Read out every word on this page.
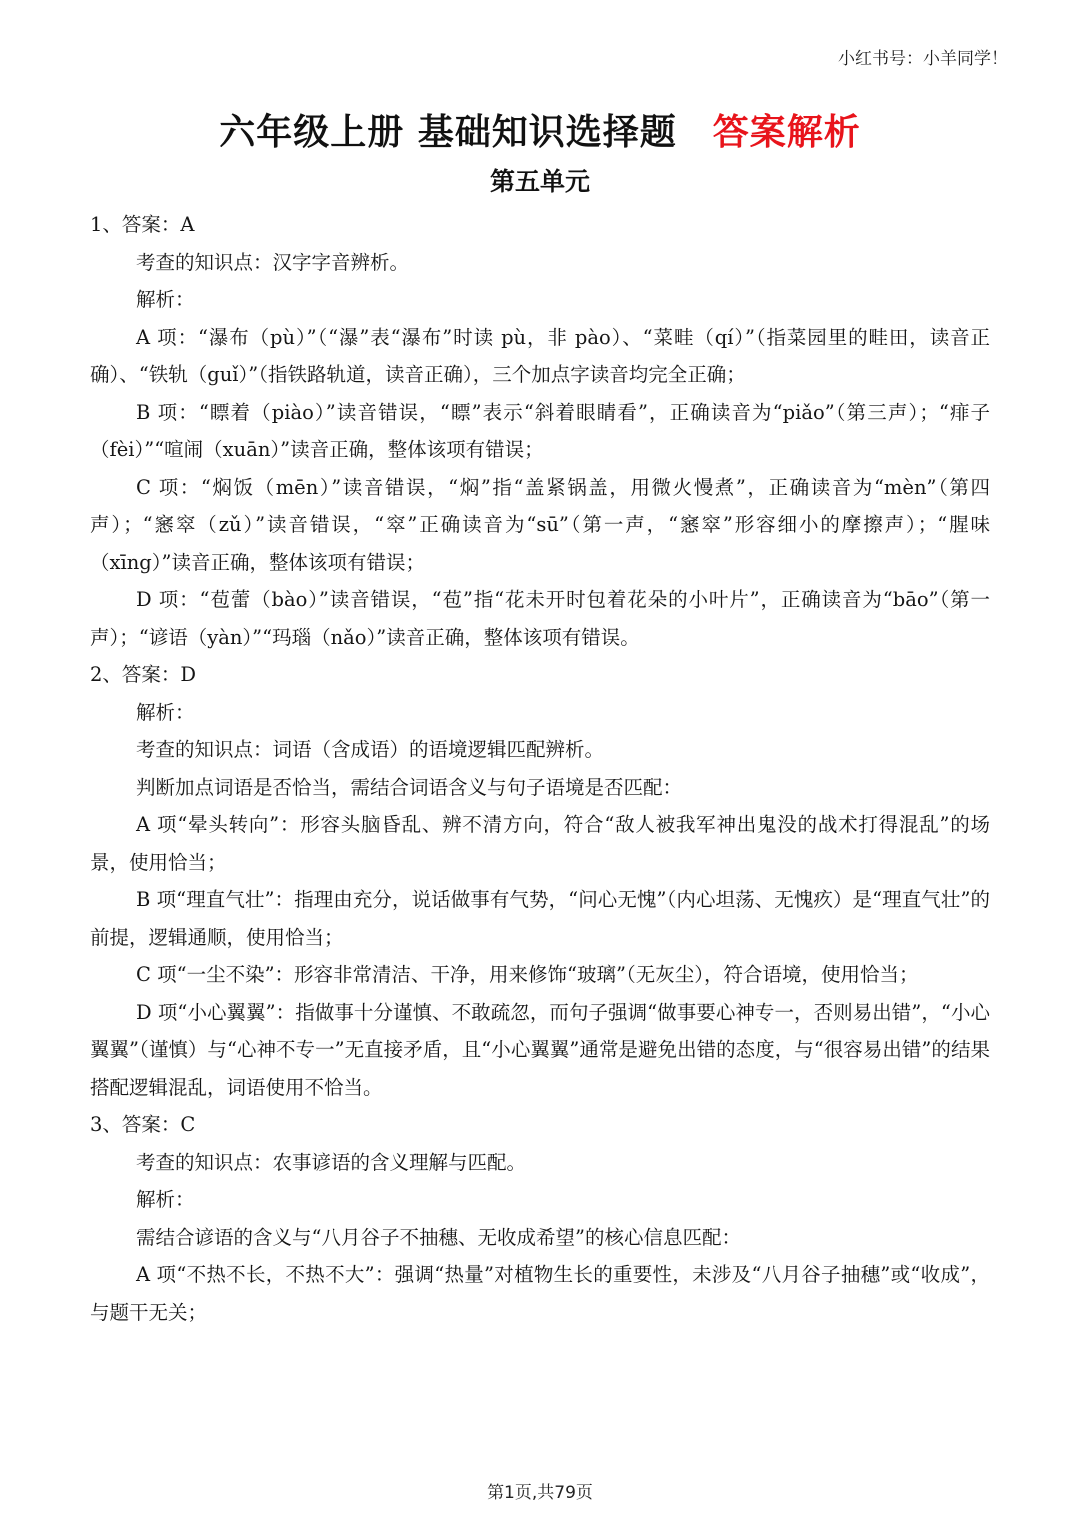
小红书号：小羊同学！
六年级上册 基础知识选择题 答案解析
第五单元

1、答案：A

考查的知识点：汉字字音辨析。

解析：

A 项：“瀑布（pù）”（“瀑”表“瀑布”时读 pù，非 pào）、“菜畦（qí）”（指菜园里的畦田，读音正确）、“铁轨（guǐ）”（指铁路轨道，读音正确），三个加点字读音均完全正确；

B 项：“瞟着（piào）”读音错误，“瞟”表示“斜着眼睛看”，正确读音为“piǎo”（第三声）；“痱子（fèi）”“喧闹（xuān）”读音正确，整体该项有错误；

C 项：“焖饭（mēn）”读音错误，“焖”指“盖紧锅盖，用微火慢煮”，正确读音为“mèn”（第四声）；“窸窣（zǔ）”读音错误，“窣”正确读音为“sū”（第一声，“窸窣”形容细小的摩擦声）；“腥味（xīng）”读音正确，整体该项有错误；

D 项：“苞蕾（bào）”读音错误，“苞”指“花未开时包着花朵的小叶片”，正确读音为“bāo”（第一声）；“谚语（yàn）”“玛瑙（nǎo）”读音正确，整体该项有错误。

2、答案：D

解析：

考查的知识点：词语（含成语）的语境逻辑匹配辨析。

判断加点词语是否恰当，需结合词语含义与句子语境是否匹配：

A 项“晕头转向”：形容头脑昏乱、辨不清方向，符合“敌人被我军神出鬼没的战术打得混乱”的场景，使用恰当；

B 项“理直气壮”：指理由充分，说话做事有气势，“问心无愧”（内心坦荡、无愧疚）是“理直气壮”的前提，逻辑通顺，使用恰当；

C 项“一尘不染”：形容非常清洁、干净，用来修饰“玻璃”（无灰尘），符合语境，使用恰当；

D 项“小心翼翼”：指做事十分谨慎、不敢疏忽，而句子强调“做事要心神专一，否则易出错”，“小心翼翼”（谨慎）与“心神不专一”无直接矛盾，且“小心翼翼”通常是避免出错的态度，与“很容易出错”的结果搭配逻辑混乱，词语使用不恰当。

3、答案：C

考查的知识点：农事谚语的含义理解与匹配。

解析：

需结合谚语的含义与“八月谷子不抽穗、无收成希望”的核心信息匹配：

A 项“不热不长，不热不大”：强调“热量”对植物生长的重要性，未涉及“八月谷子抽穗”或“收成”，与题干无关；

第1页,共79页
